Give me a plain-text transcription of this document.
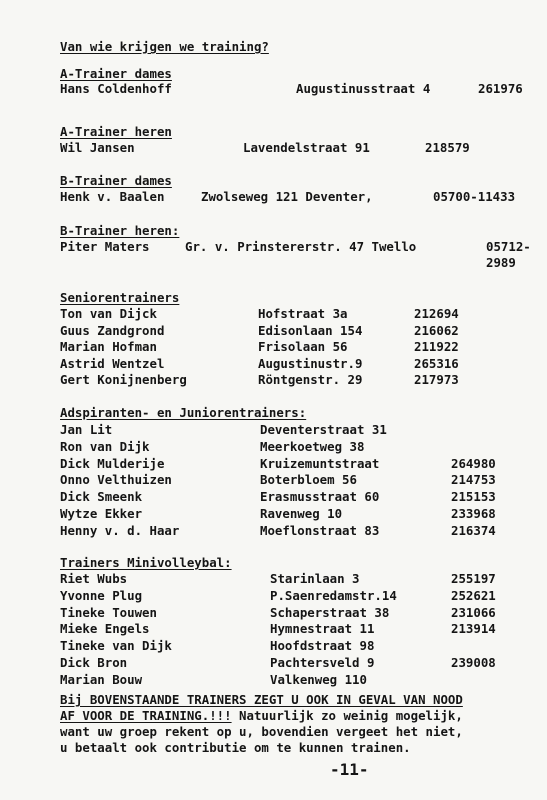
Van wie krijgen we training?
A-Trainer dames
Hans Coldenhoff	Augustinusstraat 4	261976
A-Trainer heren
Wil Jansen	Lavendelstraat 91	218579
B-Trainer dames
Henk v. Baalen	Zwolseweg 121 Deventer,	05700-11433
B-Trainer heren:
Piter Maters	Gr. v. Prinstererstr. 47 Twello	05712-
2989
Seniorentrainers
Ton van Dijck	Hofstraat 3a	212694
Guus Zandgrond	Edisonlaan 154	216062
Marian Hofman	Frisolaan 56	211922
Astrid Wentzel	Augustinustr.9	265316
Gert Konijnenberg	Röntgenstr. 29	217973
Adspiranten- en Juniorentrainers:
Jan Lit	Deventerstraat 31
Ron van Dijk	Meerkoetweg 38
Dick Mulderije	Kruizemuntstraat	264980
Onno Velthuizen	Boterbloem 56	214753
Dick Smeenk	Erasmusstraat 60	215153
Wytze Ekker	Ravenweg 10	233968
Henny v. d. Haar	Moeflonstraat 83	216374
Trainers Minivolleybal:
Riet Wubs	Starinlaan 3	255197
Yvonne Plug	P.Saenredamstr.14	252621
Tineke Touwen	Schaperstraat 38	231066
Mieke Engels	Hymnestraat 11	213914
Tineke van Dijk	Hoofdstraat 98
Dick Bron	Pachtersveld 9	239008
Marian Bouw	Valkenweg 110
Bij BOVENSTAANDE TRAINERS ZEGT U OOK IN GEVAL VAN NOOD
AF VOOR DE TRAINING.!!! Natuurlijk zo weinig mogelijk,
want uw groep rekent op u, bovendien vergeet het niet,
u betaalt ook contributie om te kunnen trainen.
-11-
